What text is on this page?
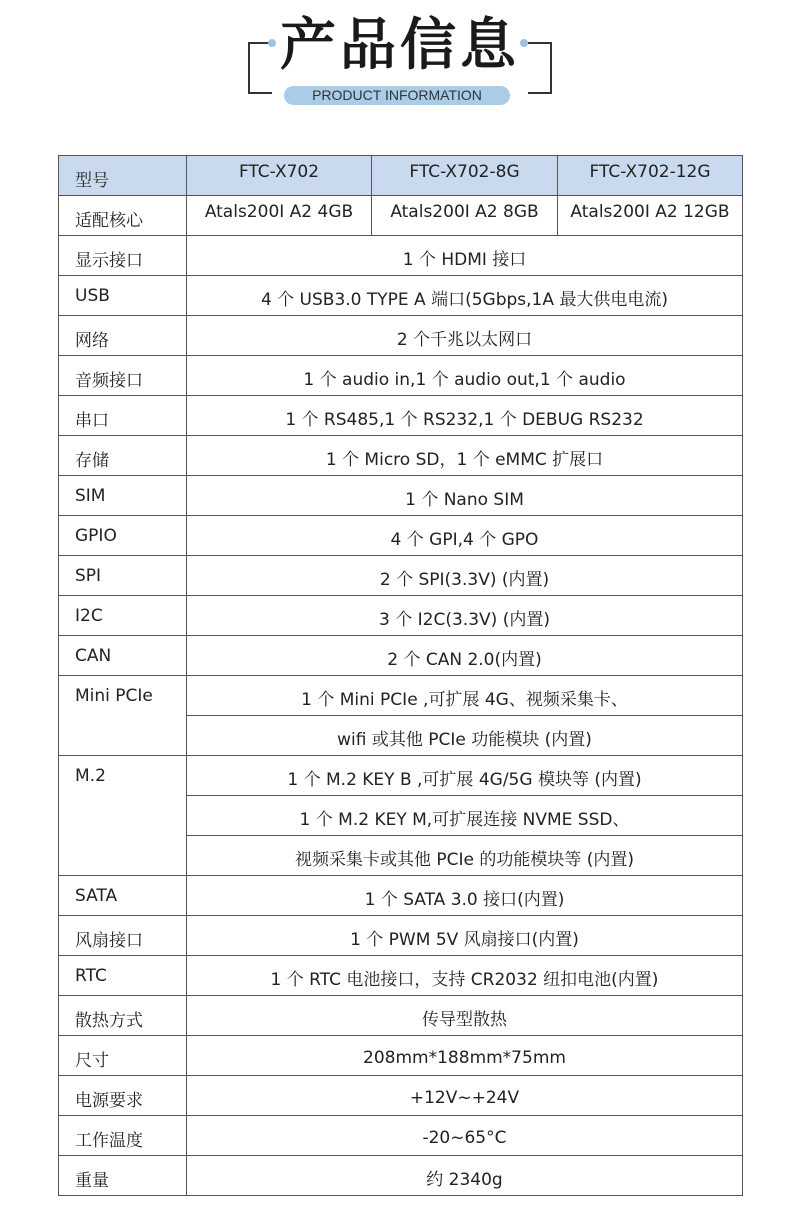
产品信息
PRODUCT INFORMATION
型号	FTC-X702	FTC-X702-8G	FTC-X702-12G
适配核心	Atals200I A2 4GB	Atals200I A2 8GB	Atals200I A2 12GB
显示接口	1 个 HDMI 接口		
USB	4 个 USB3.0 TYPE A 端口(5Gbps,1A 最大供电电流)		
网络	2 个千兆以太网口		
音频接口	1 个 audio in,1 个 audio out,1 个 audio		
串口	1 个 RS485,1 个 RS232,1 个 DEBUG RS232		
存储	1 个 Micro SD，1 个 eMMC 扩展口		
SIM	1 个 Nano SIM		
GPIO	4 个 GPI,4 个 GPO		
SPI	2 个 SPI(3.3V) (内置)		
I2C	3 个 I2C(3.3V) (内置)		
CAN	2 个 CAN 2.0(内置)		
Mini PCIe	1 个 Mini PCIe ,可扩展 4G、视频采集卡、		
	wifi 或其他 PCIe 功能模块 (内置)		
M.2	1 个 M.2 KEY B ,可扩展 4G/5G 模块等 (内置)		
	1 个 M.2 KEY M,可扩展连接 NVME SSD、		
	视频采集卡或其他 PCIe 的功能模块等 (内置)		
SATA	1 个 SATA 3.0 接口(内置)		
风扇接口	1 个 PWM 5V 风扇接口(内置)		
RTC	1 个 RTC 电池接口，支持 CR2032 纽扣电池(内置)		
散热方式	传导型散热		
尺寸	208mm*188mm*75mm		
电源要求	+12V~+24V		
工作温度	-20~65°C		
重量	约 2340g		
